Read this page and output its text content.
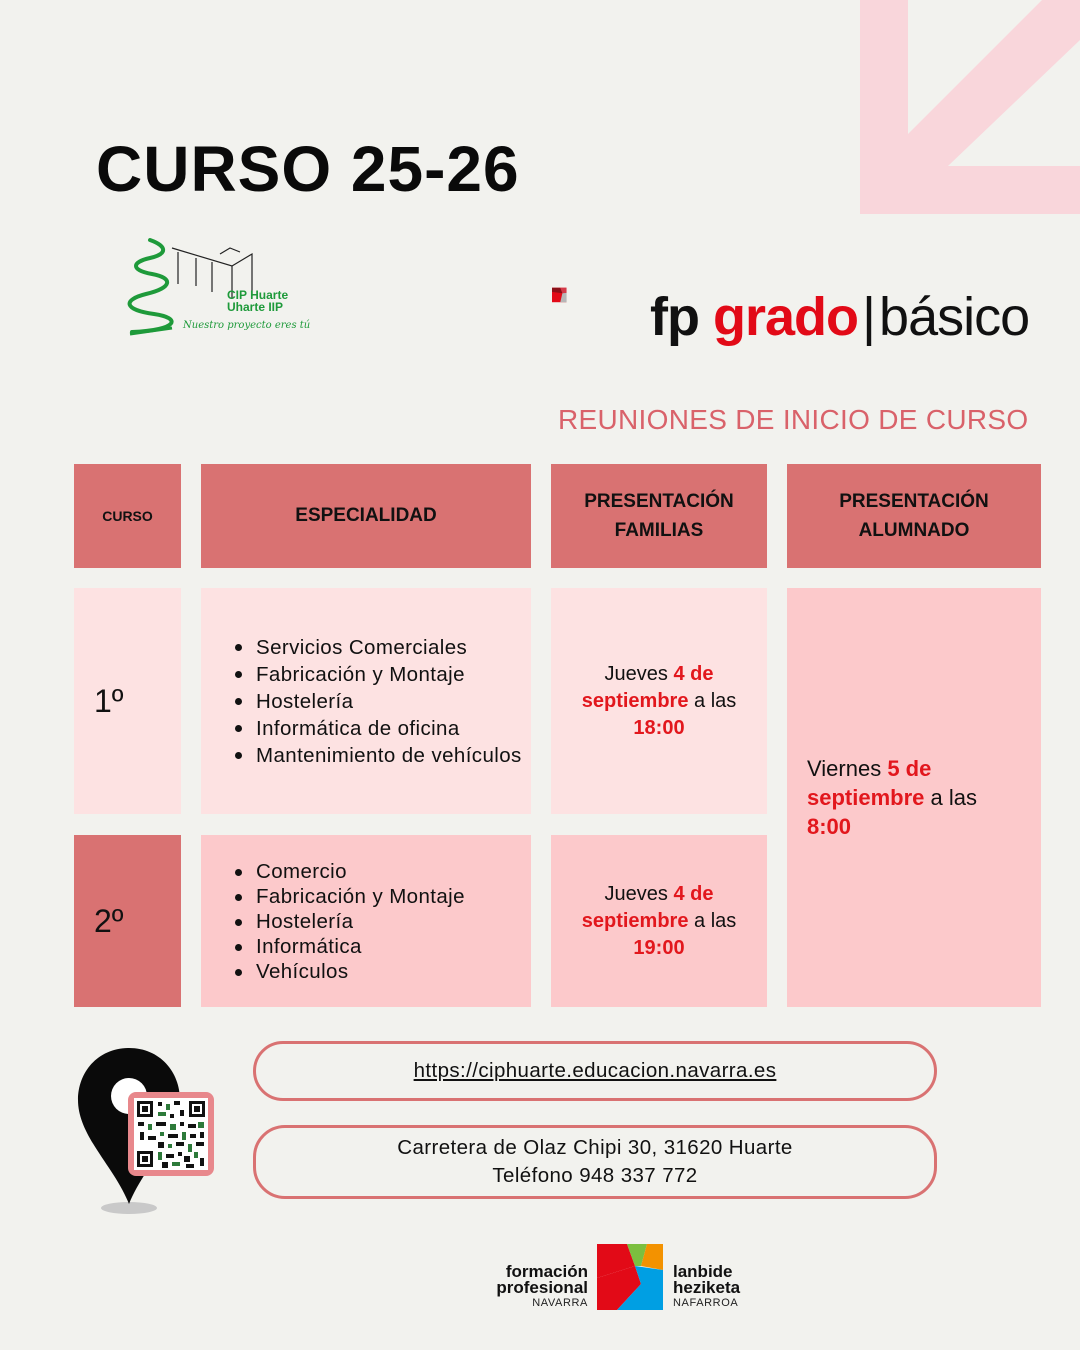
CURSO 25-26
CIP Huarte
Uharte IIP
Nuestro proyecto eres tú	fp grado|básico
REUNIONES DE INICIO DE CURSO
CURSO	ESPECIALIDAD
PRESENTACIÓN
FAMILIAS
PRESENTACIÓN
ALUMNADO
1º
Servicios Comerciales
Fabricación y Montaje
Hostelería
Informática de oficina
Mantenimiento de vehículos
Jueves 4 de septiembre a las
18:00
Viernes 5 de septiembre a las
8:00
2º
Comercio
Fabricación y Montaje
Hostelería
Informática
Vehículos
Jueves 4 de septiembre a las
19:00
https://ciphuarte.educacion.navarra.es
Carretera de Olaz Chipi 30, 31620 Huarte
Teléfono 948 337 772
formación
profesional
NAVARRA
lanbide
heziketa
NAFARROA
